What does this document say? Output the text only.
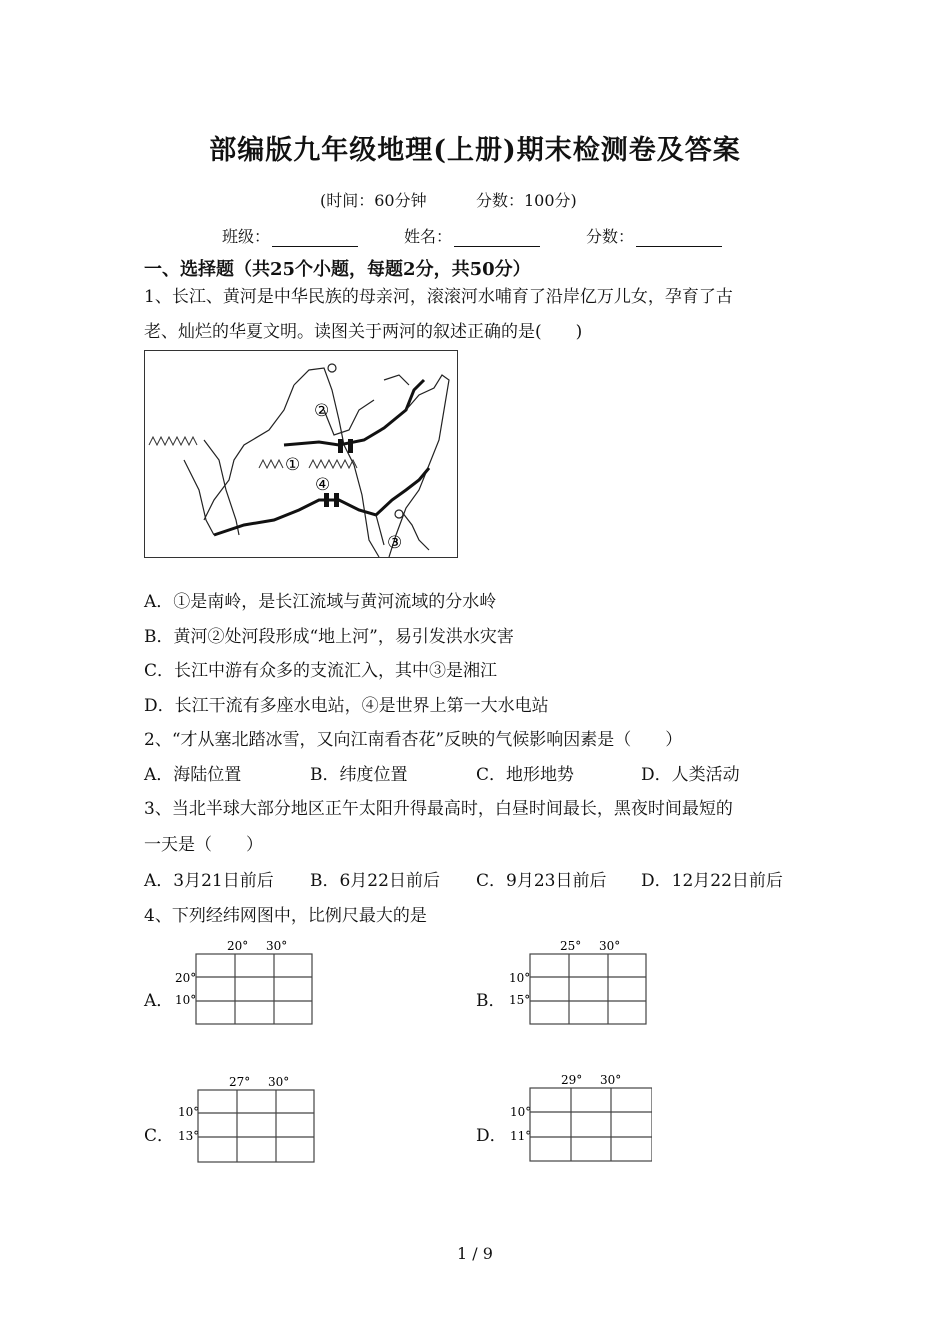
部编版九年级地理(上册)期末检测卷及答案
(时间：60分钟	分数：100分)
班级：	姓名：	分数：
一、选择题（共25个小题，每题2分，共50分）
1、长江、黄河是中华民族的母亲河，滚滚河水哺育了沿岸亿万儿女，孕育了古
老、灿烂的华夏文明。读图关于两河的叙述正确的是(　　)
②
①
④
③
A．①是南岭，是长江流域与黄河流域的分水岭
B．黄河②处河段形成“地上河”，易引发洪水灾害
C．长江中游有众多的支流汇入，其中③是湘江
D．长江干流有多座水电站，④是世界上第一大水电站
2、“才从塞北踏冰雪，又向江南看杏花”反映的气候影响因素是（　　）
A．海陆位置	B．纬度位置	C．地形地势	D．人类活动
3、当北半球大部分地区正午太阳升得最高时，白昼时间最长，黑夜时间最短的
一天是（　　）
A．3月21日前后 B．6月22日前后 C．9月23日前后 D．12月22日前后
4、下列经纬网图中，比例尺最大的是
A．
20° 30°
20°
10°	B．
25° 30°
10°
15°
C．
27° 30°
10°
13°	D．
29° 30°
10°
11°
1 / 9
